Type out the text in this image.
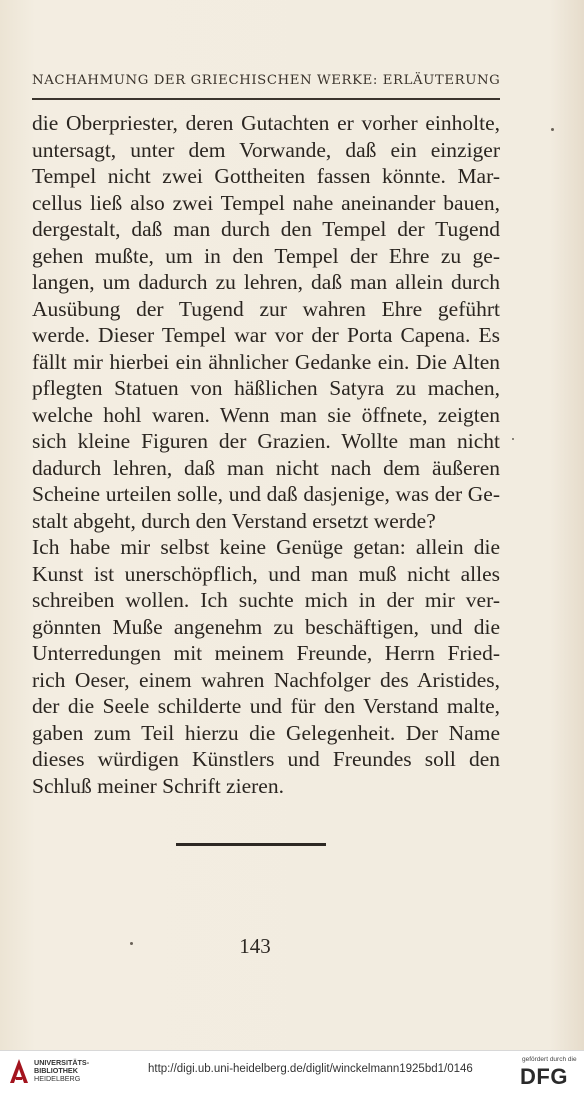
NACHAHMUNG DER GRIECHISCHEN WERKE: ERLÄUTERUNG
die Oberpriester, deren Gutachten er vorher einholte,
untersagt, unter dem Vorwande, daß ein einziger
Tempel nicht zwei Gottheiten fassen könnte. Mar-
cellus ließ also zwei Tempel nahe aneinander bauen,
dergestalt, daß man durch den Tempel der Tugend
gehen mußte, um in den Tempel der Ehre zu ge-
langen, um dadurch zu lehren, daß man allein durch
Ausübung der Tugend zur wahren Ehre geführt
werde. Dieser Tempel war vor der Porta Capena. Es
fällt mir hierbei ein ähnlicher Gedanke ein. Die Alten
pflegten Statuen von häßlichen Satyra zu machen,
welche hohl waren. Wenn man sie öffnete, zeigten
sich kleine Figuren der Grazien. Wollte man nicht
dadurch lehren, daß man nicht nach dem äußeren
Scheine urteilen solle, und daß dasjenige, was der Ge-
stalt abgeht, durch den Verstand ersetzt werde?
Ich habe mir selbst keine Genüge getan: allein die
Kunst ist unerschöpflich, und man muß nicht alles
schreiben wollen. Ich suchte mich in der mir ver-
gönnten Muße angenehm zu beschäftigen, und die
Unterredungen mit meinem Freunde, Herrn Fried-
rich Oeser, einem wahren Nachfolger des Aristides,
der die Seele schilderte und für den Verstand malte,
gaben zum Teil hierzu die Gelegenheit. Der Name
dieses würdigen Künstlers und Freundes soll den
Schluß meiner Schrift zieren.
143
UNIVERSITÄTS-
BIBLIOTHEK
HEIDELBERG
http://digi.ub.uni-heidelberg.de/diglit/winckelmann1925bd1/0146
gefördert durch die
DFG
